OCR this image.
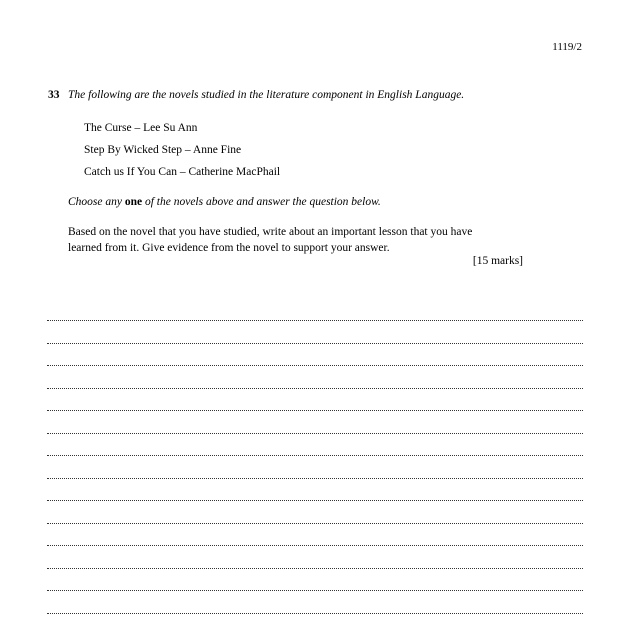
1119/2
33 The following are the novels studied in the literature component in English Language.
The Curse – Lee Su Ann
Step By Wicked Step – Anne Fine
Catch us If You Can – Catherine MacPhail
Choose any one of the novels above and answer the question below.
Based on the novel that you have studied, write about an important lesson that you have
learned from it. Give evidence from the novel to support your answer.
[15 marks]
